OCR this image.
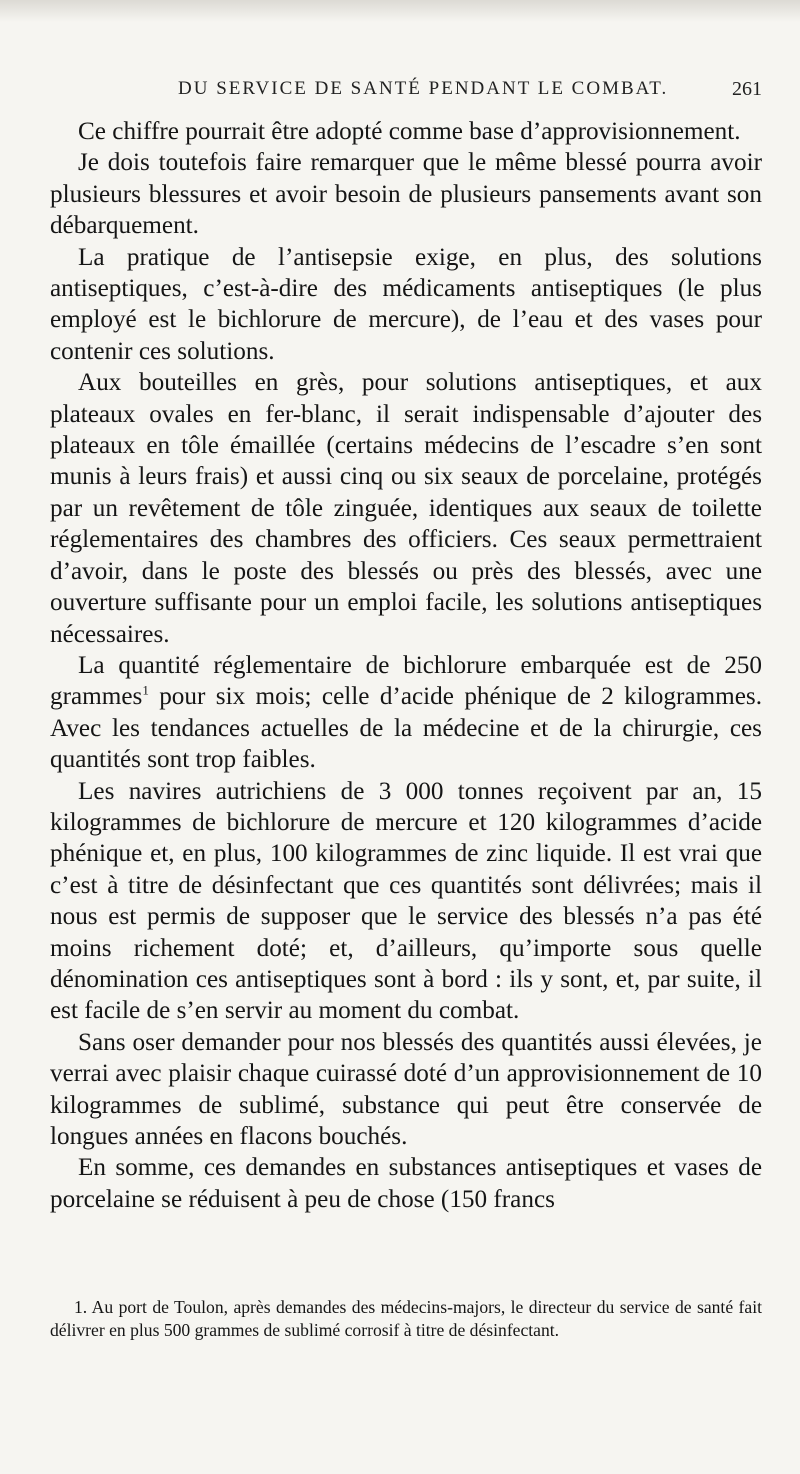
DU SERVICE DE SANTÉ PENDANT LE COMBAT.	261

Ce chiffre pourrait être adopté comme base d’approvisionnement.

Je dois toutefois faire remarquer que le même blessé pourra avoir plusieurs blessures et avoir besoin de plusieurs pansements avant son débarquement.

La pratique de l’antisepsie exige, en plus, des solutions antiseptiques, c’est-à-dire des médicaments antiseptiques (le plus employé est le bichlorure de mercure), de l’eau et des vases pour contenir ces solutions.

Aux bouteilles en grès, pour solutions antiseptiques, et aux plateaux ovales en fer-blanc, il serait indispensable d’ajouter des plateaux en tôle émaillée (certains médecins de l’escadre s’en sont munis à leurs frais) et aussi cinq ou six seaux de porcelaine, protégés par un revêtement de tôle zinguée, identiques aux seaux de toilette réglementaires des chambres des officiers. Ces seaux permettraient d’avoir, dans le poste des blessés ou près des blessés, avec une ouverture suffisante pour un emploi facile, les solutions antiseptiques nécessaires.

La quantité réglementaire de bichlorure embarquée est de 250 grammes$^1$ pour six mois; celle d’acide phénique de 2 kilogrammes. Avec les tendances actuelles de la médecine et de la chirurgie, ces quantités sont trop faibles.

Les navires autrichiens de 3 000 tonnes reçoivent par an, 15 kilogrammes de bichlorure de mercure et 120 kilogrammes d’acide phénique et, en plus, 100 kilogrammes de zinc liquide. Il est vrai que c’est à titre de désinfectant que ces quantités sont délivrées; mais il nous est permis de supposer que le service des blessés n’a pas été moins richement doté; et, d’ailleurs, qu’importe sous quelle dénomination ces antiseptiques sont à bord : ils y sont, et, par suite, il est facile de s’en servir au moment du combat.

Sans oser demander pour nos blessés des quantités aussi élevées, je verrai avec plaisir chaque cuirassé doté d’un approvisionnement de 10 kilogrammes de sublimé, substance qui peut être conservée de longues années en flacons bouchés.

En somme, ces demandes en substances antiseptiques et vases de porcelaine se réduisent à peu de chose (150 francs

1. Au port de Toulon, après demandes des médecins-majors, le directeur du service de santé fait délivrer en plus 500 grammes de sublimé corrosif à titre de désinfectant.
